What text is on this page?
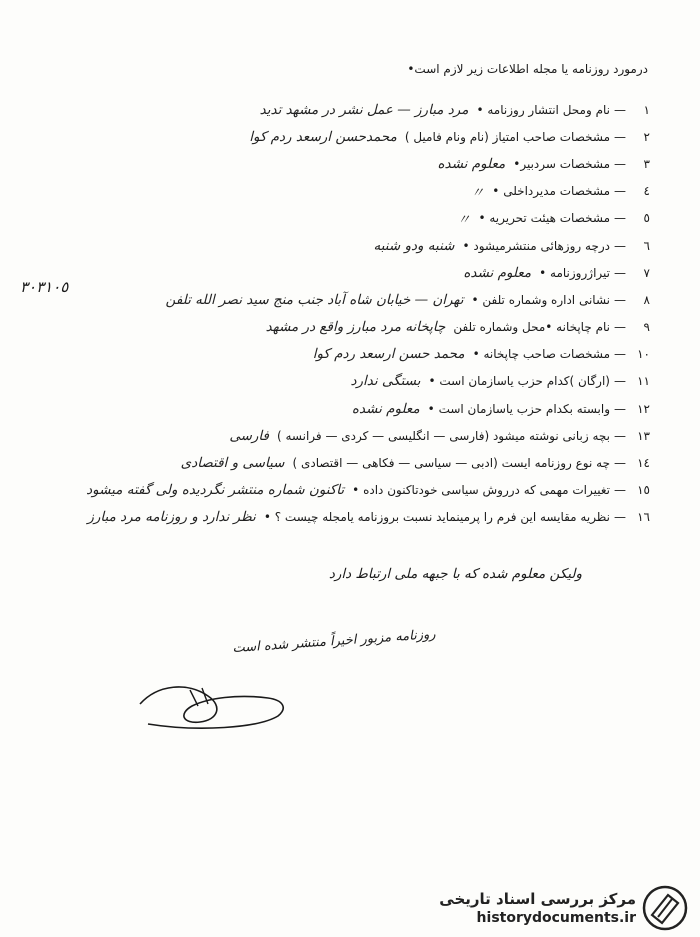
درمورد روزنامه یا مجله اطلاعات زیر لازم است•
١
—
نام ومحل انتشار روزنامه •
مرد مبارز — عمل نشر در مشهد تدید
٢
—
مشخصات صاحب امتیاز (نام ونام فامیل )
محمدحسن ارسعد ردم کوا
٣
—
مشخصات سردبیر•
معلوم نشده
٤
—
مشخصات مدیرداخلی •
〃
٥
—
مشخصات هیئت تحریریه •
〃
٦
—
درچه روزهائی منتشرمیشود •
شنبه ودو شنبه
٧
—
تیراژروزنامه •
معلوم نشده
٨
—
نشانی اداره وشماره تلفن •
تهران — خیابان شاه آباد جنب منج سید نصر الله تلفن
٣٠٣١٠٥
٩
—
نام چاپخانه •محل وشماره تلفن
چاپخانه مرد مبارز واقع در مشهد
١٠
—
مشخصات صاحب چاپخانه •
محمد حسن ارسعد ردم کوا
١١
—
(ارگان )کدام حزب یاسازمان است •
بستگی ندارد
١٢
—
وابسته بکدام حزب یاسازمان است •
معلوم نشده
١٣
—
بچه زبانی نوشته میشود (فارسی — انگلیسی — کردی — فرانسه )
فارسی
١٤
—
چه نوع روزنامه ایست (ادبی — سیاسی — فکاهی — اقتصادی )
سیاسی و اقتصادی
١٥
—
تغییرات مهمی که درروش سیاسی خودتاکنون داده •
تاکنون شماره منتشر نگردیده ولی گفته میشود
١٦
—
نظریه مقایسه این فرم را پرمینماید نسبت بروزنامه یامجله چیست ؟ •
نظر ندارد و روزنامه مرد مبارز
ولیکن معلوم شده که با جبهه ملی ارتباط دارد
روزنامه مزبور اخیراً منتشر شده است
مرکز بررسی اسناد تاریخی
historydocuments.ir
